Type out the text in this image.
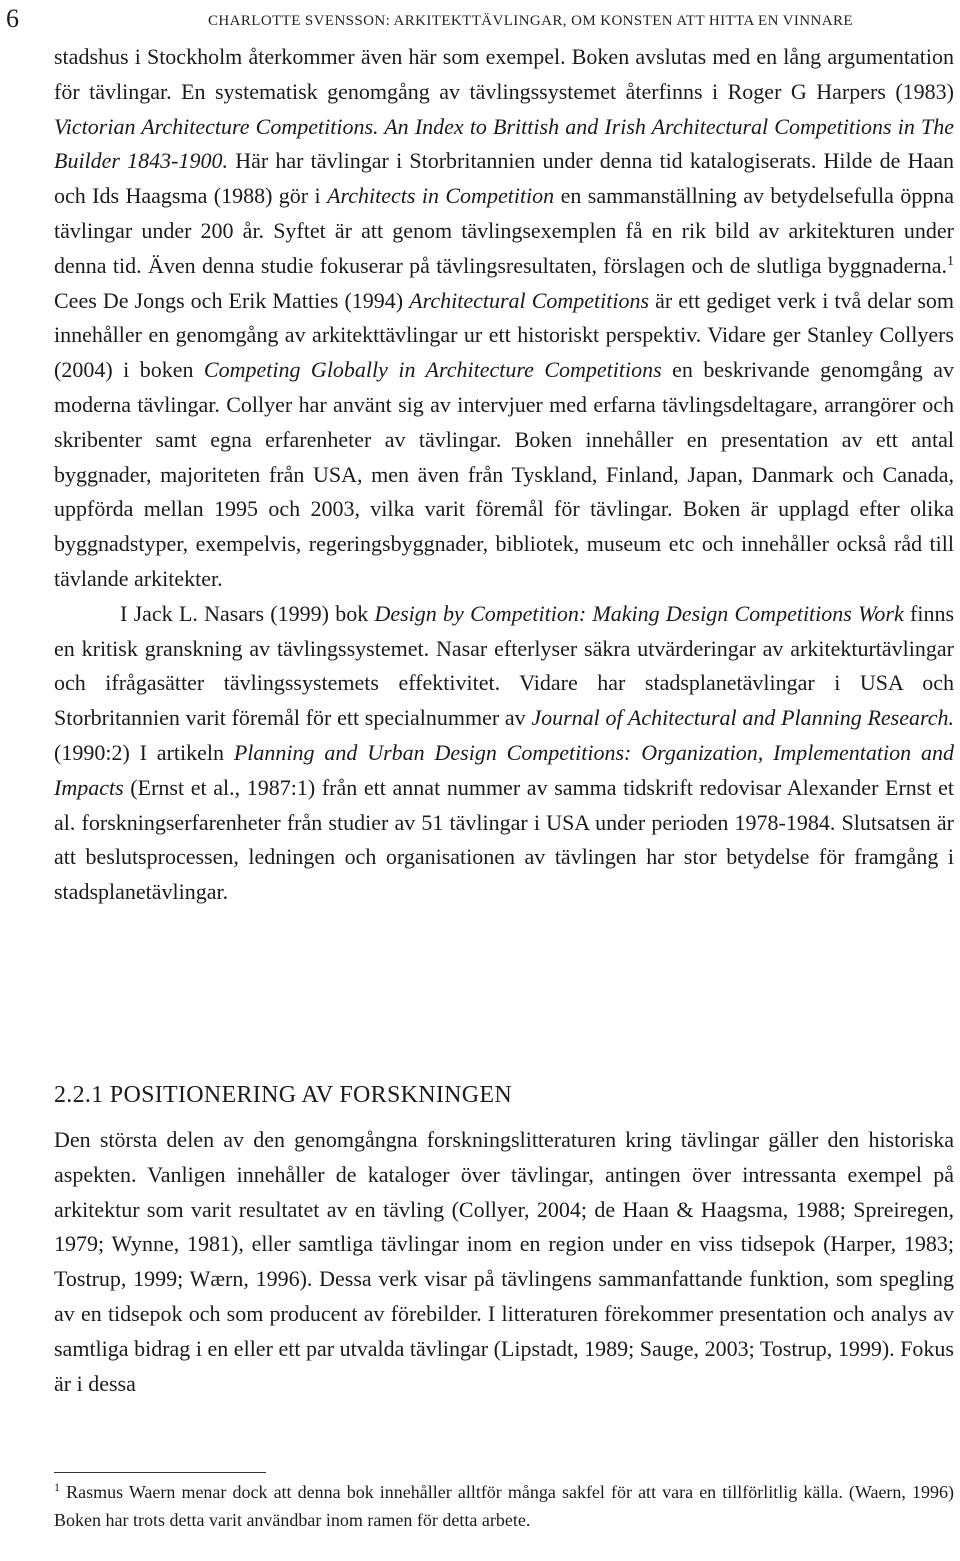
6	CHARLOTTE SVENSSON: ARKITEKTTÄVLINGAR, OM KONSTEN ATT HITTA EN VINNARE

stadshus i Stockholm återkommer även här som exempel. Boken avslutas med en lång argumentation för tävlingar. En systematisk genomgång av tävlingssystemet återfinns i Roger G Harpers (1983) Victorian Architecture Competitions. An Index to Brittish and Irish Architectural Competitions in The Builder 1843-1900. Här har tävlingar i Storbritannien under denna tid katalogiserats. Hilde de Haan och Ids Haagsma (1988) gör i Architects in Competition en sammanställning av betydelsefulla öppna tävlingar under 200 år. Syftet är att genom tävlingsexemplen få en rik bild av arkitekturen under denna tid. Även denna studie fokuserar på tävlingsresultaten, förslagen och de slutliga byggnaderna.$^1$ Cees De Jongs och Erik Matties (1994) Architectural Competitions är ett gediget verk i två delar som innehåller en genomgång av arkitekttävlingar ur ett historiskt perspektiv. Vidare ger Stanley Collyers (2004) i boken Competing Globally in Architecture Competitions en beskrivande genomgång av moderna tävlingar. Collyer har använt sig av intervjuer med erfarna tävlingsdeltagare, arrangörer och skribenter samt egna erfarenheter av tävlingar. Boken innehåller en presentation av ett antal byggnader, majoriteten från USA, men även från Tyskland, Finland, Japan, Danmark och Canada, uppförda mellan 1995 och 2003, vilka varit föremål för tävlingar. Boken är upplagd efter olika byggnadstyper, exempelvis, regeringsbyggnader, bibliotek, museum etc och innehåller också råd till tävlande arkitekter.

I Jack L. Nasars (1999) bok Design by Competition: Making Design Competitions Work finns en kritisk granskning av tävlingssystemet. Nasar efterlyser säkra utvärderingar av arkitekturtävlingar och ifrågasätter tävlingssystemets effektivitet. Vidare har stadsplanetävlingar i USA och Storbritannien varit föremål för ett specialnummer av Journal of Achitectural and Planning Research. (1990:2) I artikeln Planning and Urban Design Competitions: Organization, Implementation and Impacts (Ernst et al., 1987:1) från ett annat nummer av samma tidskrift redovisar Alexander Ernst et al. forskningserfarenheter från studier av 51 tävlingar i USA under perioden 1978-1984. Slutsatsen är att beslutsprocessen, ledningen och organisationen av tävlingen har stor betydelse för framgång i stadsplanetävlingar.

2.2.1 POSITIONERING AV FORSKNINGEN

Den största delen av den genomgångna forskningslitteraturen kring tävlingar gäller den historiska aspekten. Vanligen innehåller de kataloger över tävlingar, antingen över intressanta exempel på arkitektur som varit resultatet av en tävling (Collyer, 2004; de Haan & Haagsma, 1988; Spreiregen, 1979; Wynne, 1981), eller samtliga tävlingar inom en region under en viss tidsepok (Harper, 1983; Tostrup, 1999; Wærn, 1996). Dessa verk visar på tävlingens sammanfattande funktion, som spegling av en tidsepok och som producent av förebilder. I litteraturen förekommer presentation och analys av samtliga bidrag i en eller ett par utvalda tävlingar (Lipstadt, 1989; Sauge, 2003; Tostrup, 1999). Fokus är i dessa

$^1$ Rasmus Waern menar dock att denna bok innehåller alltför många sakfel för att vara en tillförlitlig källa. (Waern, 1996) Boken har trots detta varit användbar inom ramen för detta arbete.
